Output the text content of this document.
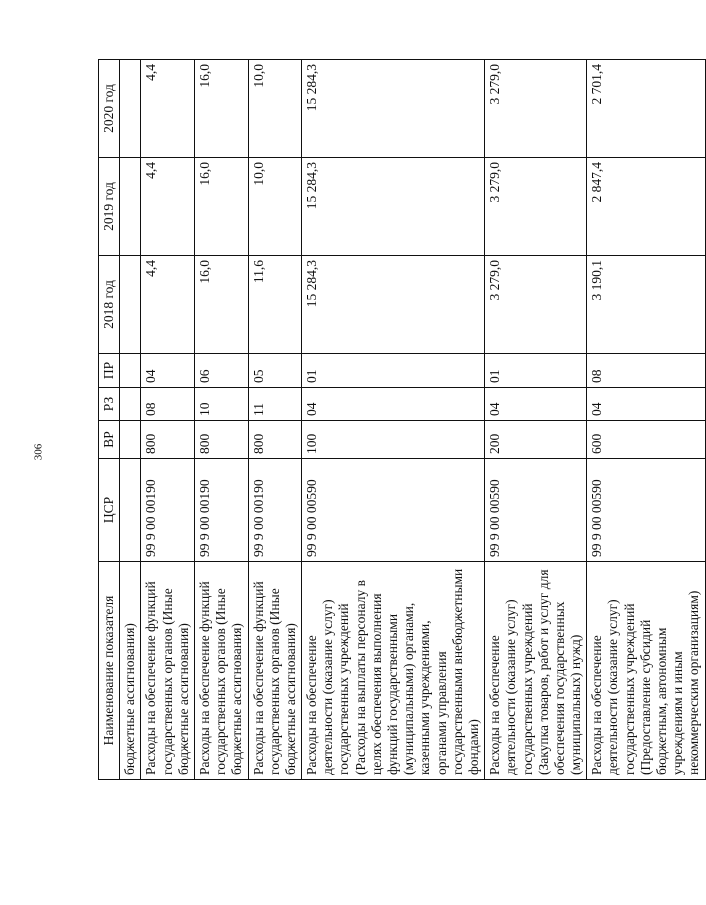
306
Наименование показателя	ЦСР	ВР	РЗ	ПР	2018 год	2019 год	2020 год
бюджетные ассигнования)							
Расходы на обеспечение функций государственных органов (Иные бюджетные ассигнования)	99 9 00 00190	800	08	04	4,4	4,4	4,4
Расходы на обеспечение функций государственных органов (Иные бюджетные ассигнования)	99 9 00 00190	800	10	06	16,0	16,0	16,0
Расходы на обеспечение функций государственных органов (Иные бюджетные ассигнования)	99 9 00 00190	800	11	05	11,6	10,0	10,0
Расходы на обеспечение деятельности (оказание услуг) государственных учреждений (Расходы на выплаты персоналу в целях обеспечения выполнения функций государственными (муниципальными) органами, казенными учреждениями, органами управления государственными внебюджетными фондами)	99 9 00 00590	100	04	01	15 284,3	15 284,3	15 284,3
Расходы на обеспечение деятельности (оказание услуг) государственных учреждений (Закупка товаров, работ и услуг для обеспечения государственных (муниципальных) нужд)	99 9 00 00590	200	04	01	3 279,0	3 279,0	3 279,0
Расходы на обеспечение деятельности (оказание услуг) государственных учреждений (Предоставление субсидий бюджетным, автономным учреждениям и иным некоммерческим организациям)	99 9 00 00590	600	04	08	3 190,1	2 847,4	2 701,4
